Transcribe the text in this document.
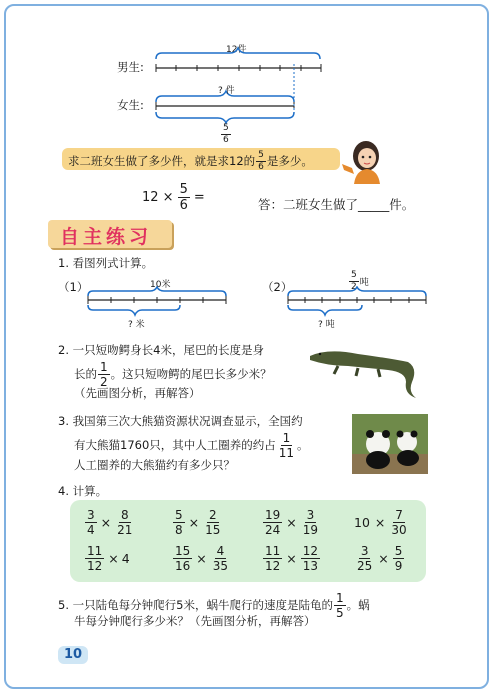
男生:
女生:
12件
? 件
$\frac{5}{6}$
求二班女生做了多少件，就是求12的 $\frac{5}{6}$ 是多少。
$12 \times \frac{5}{6}$ =	答：二班女生做了_____件。
自主练习
1. 看图列式计算。
（1）	10米
? 米
（2）	$\frac{5}{2}$ 吨
? 吨
2. 一只短吻鳄身长4米，尾巴的长度是身
长的 $\frac{1}{2}$ 。这只短吻鳄的尾巴长多少米？
（先画图分析，再解答）
3. 我国第三次大熊猫资源状况调查显示，全国约
有大熊猫1760只，其中人工圈养的约占 $\frac{1}{11}$ 。
人工圈养的大熊猫约有多少只？
4. 计算。
$\frac{3}{4} \times \frac{8}{21}$	$\frac{5}{8} \times \frac{2}{15}$	$\frac{19}{24} \times \frac{3}{19}$	$10 \times \frac{7}{30}$
$\frac{11}{12} \times 4$	$\frac{15}{16} \times \frac{4}{35}$	$\frac{11}{12} \times \frac{12}{13}$	$\frac{3}{25} \times \frac{5}{9}$
5. 一只陆龟每分钟爬行5米，蜗牛爬行的速度是陆龟的 $\frac{1}{5}$ 。蜗
牛每分钟爬行多少米？（先画图分析，再解答）
10
